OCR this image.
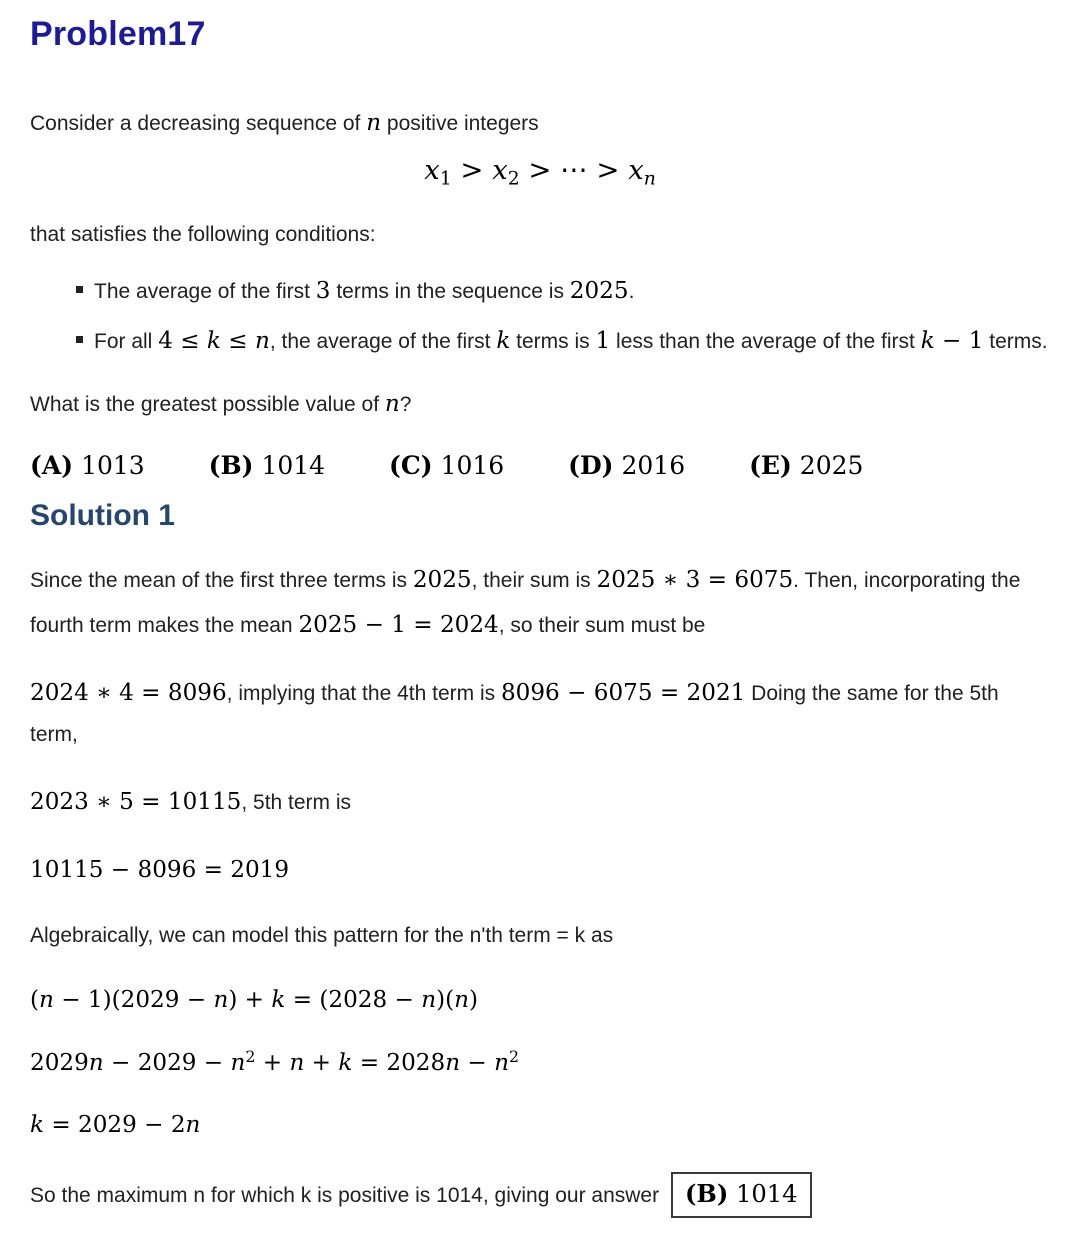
Problem17

Consider a decreasing sequence of n positive integers

$x_1 > x_2$ > ⋯ > $x_n$

that satisfies the following conditions:

The average of the first 3 terms in the sequence is 2025.
For all 4 ≤ k ≤ n, the average of the first k terms is 1 less than the average of the first k − 1 terms.

What is the greatest possible value of n?

(A) 1013	(B) 1014	(C) 1016	(D) 2016	(E) 2025
Solution 1

Since the mean of the first three terms is 2025, their sum is 2025 ∗ 3 = 6075. Then, incorporating the fourth term makes the mean 2025 − 1 = 2024, so their sum must be

2024 ∗ 4 = 8096, implying that the 4th term is 8096 − 6075 = 2021 Doing the same for the 5th term,

2023 ∗ 5 = 10115, 5th term is

10115 − 8096 = 2019

Algebraically, we can model this pattern for the n'th term = k as

(n − 1)(2029 − n) + k = (2028 − n)(n)

$2029n - 2029 - n^2 + n + k = 2028n - n^2$

k = 2029 − 2n

So the maximum n for which k is positive is 1014, giving our answer (B) 1014
